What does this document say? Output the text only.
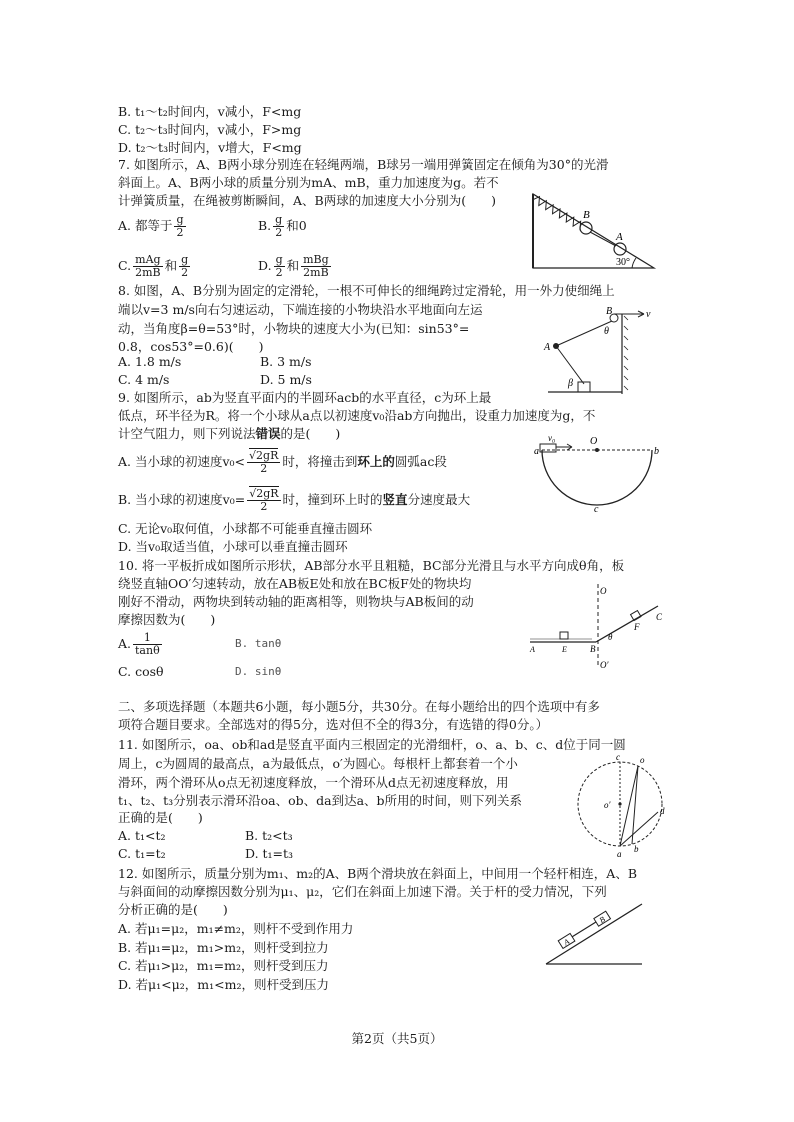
B. t₁～t₂时间内，v减小，F<mg
C. t₂～t₃时间内，v减小，F>mg
D. t₂～t₃时间内，v增大，F<mg
7. 如图所示，A、B两小球分别连在轻绳两端，B球另一端用弹簧固定在倾角为30°的光滑
斜面上。A、B两小球的质量分别为mA、mB，重力加速度为g。若不
计弹簧质量，在绳被剪断瞬间，A、B两球的加速度大小分别为(　　)
A. 都等于 $\frac{g}{2}$	B. $\frac{g}{2}$ 和0
C. $\frac{\text{mAg}}{2mB}$ 和 $\frac{g}{2}$	D. $\frac{g}{2}$ 和 $\frac{\text{mBg}}{2mB}$
B
A
30°
8. 如图，A、B分别为固定的定滑轮，一根不可伸长的细绳跨过定滑轮，用一外力使细绳上
端以v=3 m/s向右匀速运动，下端连接的小物块沿水平地面向左运
动，当角度β=θ=53°时，小物块的速度大小为(已知：sin53°=
0.8，cos53°=0.6)(　　)
A. 1.8 m/s	B. 3 m/s
C. 4 m/s	D. 5 m/s
B	v
θ
A
β
9. 如图所示，ab为竖直平面内的半圆环acb的水平直径，c为环上最
低点，环半径为R。将一个小球从a点以初速度v₀沿ab方向抛出，设重力加速度为g，不
计空气阻力，则下列说法错误的是(　　)
A. 当小球的初速度$v_0< \frac{√2gR}{2}$ 时，将撞击到环上的圆弧ac段
B. 当小球的初速度$v_0= \frac{√2gR}{2}$ 时，撞到环上时的竖直分速度最大
C. 无论v₀取何值，小球都不可能垂直撞击圆环
D. 当v₀取适当值，小球可以垂直撞击圆环
a
v₀	O
b
c
10. 将一平板折成如图所示形状，AB部分水平且粗糙，BC部分光滑且与水平方向成θ角，板
绕竖直轴OO′匀速转动，放在AB板E处和放在BC板F处的物块均
刚好不滑动，两物块到转动轴的距离相等，则物块与AB板间的动
摩擦因数为(　　)
A. $\frac{1}{\tan\theta}$	B. tanθ
C. cosθ	D. sinθ
O
C
F
θ
A	E	B
O′
二、多项选择题（本题共6小题，每小题5分，共30分。在每小题给出的四个选项中有多
项符合题目要求。全部选对的得5分，选对但不全的得3分，有选错的得0分。）
11. 如图所示，oa、ob和ad是竖直平面内三根固定的光滑细杆，o、a、b、c、d位于同一圆
周上，c为圆周的最高点，a为最低点，o′为圆心。每根杆上都套着一个小
滑环，两个滑环从o点无初速度释放，一个滑环从d点无初速度释放，用
t₁、t₂、t₃分别表示滑环沿oa、ob、da到达a、b所用的时间，则下列关系
正确的是(　　)
A. t₁<t₂	B. t₂<t₃
C. t₁=t₂	D. t₁=t₃
c o
o′
d
b
a
12. 如图所示，质量分别为m₁、m₂的A、B两个滑块放在斜面上，中间用一个轻杆相连，A、B
与斜面间的动摩擦因数分别为μ₁、μ₂，它们在斜面上加速下滑。关于杆的受力情况，下列
分析正确的是(　　)
A. 若μ₁=μ₂，m₁≠m₂，则杆不受到作用力
B. 若μ₁=μ₂，m₁>m₂，则杆受到拉力
C. 若μ₁>μ₂，m₁=m₂，则杆受到压力
D. 若μ₁<μ₂，m₁<m₂，则杆受到压力
A
B
第2页（共5页）
